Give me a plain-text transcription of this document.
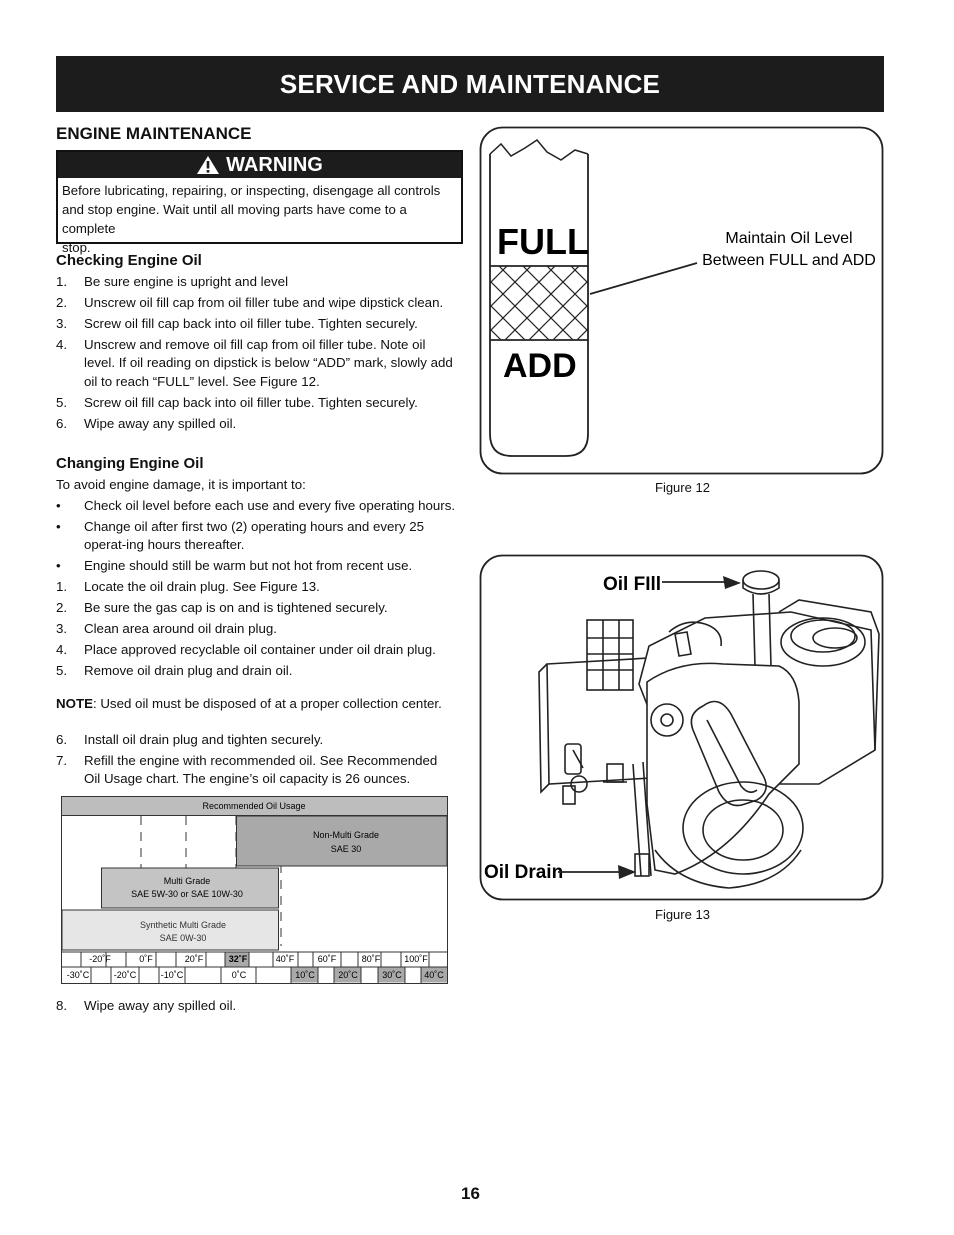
SERVICE AND MAINTENANCE
ENGINE MAINTENANCE
WARNING
Before lubricating, repairing, or inspecting, disengage all controls
and stop engine. Wait until all moving parts have come to a complete
stop.
Checking Engine Oil
1.	Be sure engine is upright and level
2.	Unscrew oil fill cap from oil filler tube and wipe dipstick clean.
3.	Screw oil fill cap back into oil filler tube. Tighten securely.
4.	Unscrew and remove oil fill cap from oil filler tube. Note oil level. If oil reading on dipstick is below “ADD” mark, slowly add oil to reach “FULL” level. See Figure 12.
5.	Screw oil fill cap back into oil filler tube. Tighten securely.
6.	Wipe away any spilled oil.
Changing Engine Oil
To avoid engine damage, it is important to:
•	Check oil level before each use and every five operating hours.
•	Change oil after first two (2) operating hours and every 25 operat-ing hours thereafter.
•	Engine should still be warm but not hot from recent use.
1.	Locate the oil drain plug. See Figure 13.
2.	Be sure the gas cap is on and is tightened securely.
3.	Clean area around oil drain plug.
4.	Place approved recyclable oil container under oil drain plug.
5.	Remove oil drain plug and drain oil.
NOTE: Used oil must be disposed of at a proper collection center.
6.	Install oil drain plug and tighten securely.
7.	Refill the engine with recommended oil. See Recommended Oil Usage chart. The engine’s oil capacity is 26 ounces.
Recommended Oil Usage
Non-Multi Grade
SAE 30
Multi Grade
SAE 5W-30 or SAE 10W-30
Synthetic Multi Grade
SAE 0W-30
-20˚F	0˚F	20˚F	32˚F	40˚F	60˚F	80˚F	100˚F
-30˚C	-20˚C	-10˚C	0˚C	10˚C	20˚C	30˚C 40˚C
8.	Wipe away any spilled oil.
FULL
ADD
Maintain Oil Level
Between FULL and ADD
Figure 12
Oil FIll
Oil Drain
Figure 13
16
